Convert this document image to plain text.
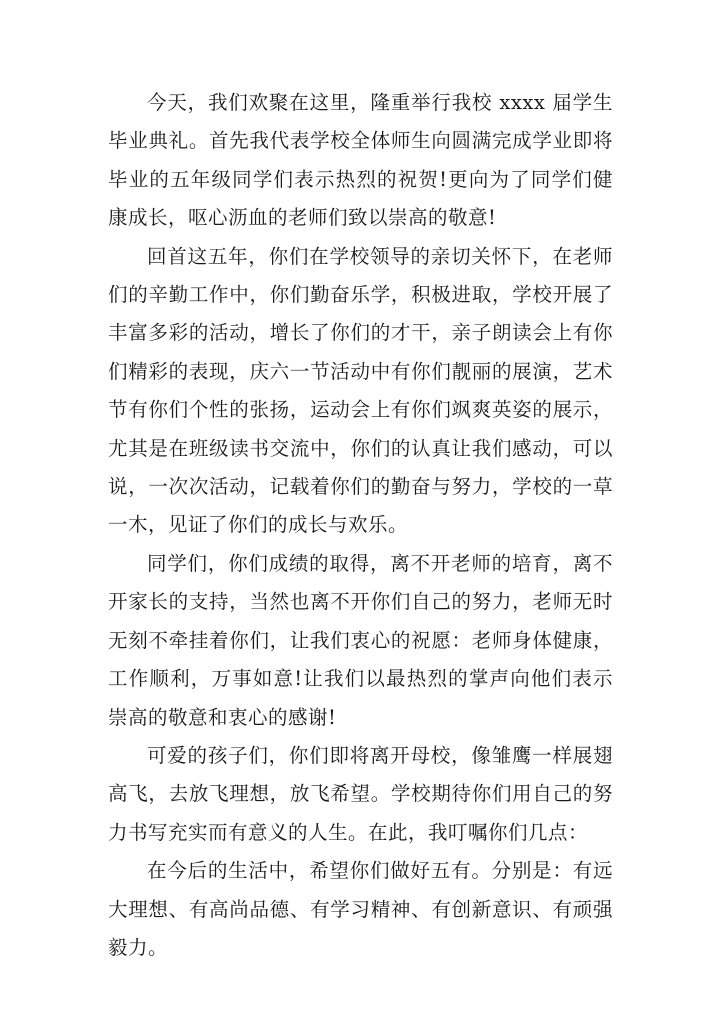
今天，我们欢聚在这里，隆重举行我校 xxxx 届学生毕业典礼。首先我代表学校全体师生向圆满完成学业即将毕业的五年级同学们表示热烈的祝贺!更向为了同学们健康成长，呕心沥血的老师们致以崇高的敬意!

回首这五年，你们在学校领导的亲切关怀下，在老师们的辛勤工作中，你们勤奋乐学，积极进取，学校开展了丰富多彩的活动，增长了你们的才干，亲子朗读会上有你们精彩的表现，庆六一节活动中有你们靓丽的展演，艺术节有你们个性的张扬，运动会上有你们飒爽英姿的展示，尤其是在班级读书交流中，你们的认真让我们感动，可以说，一次次活动，记载着你们的勤奋与努力，学校的一草一木，见证了你们的成长与欢乐。

同学们，你们成绩的取得，离不开老师的培育，离不开家长的支持，当然也离不开你们自己的努力，老师无时无刻不牵挂着你们，让我们衷心的祝愿：老师身体健康，工作顺利，万事如意!让我们以最热烈的掌声向他们表示崇高的敬意和衷心的感谢!

可爱的孩子们，你们即将离开母校，像雏鹰一样展翅高飞，去放飞理想，放飞希望。学校期待你们用自己的努力书写充实而有意义的人生。在此，我叮嘱你们几点：

在今后的生活中，希望你们做好五有。分别是：有远大理想、有高尚品德、有学习精神、有创新意识、有顽强毅力。
